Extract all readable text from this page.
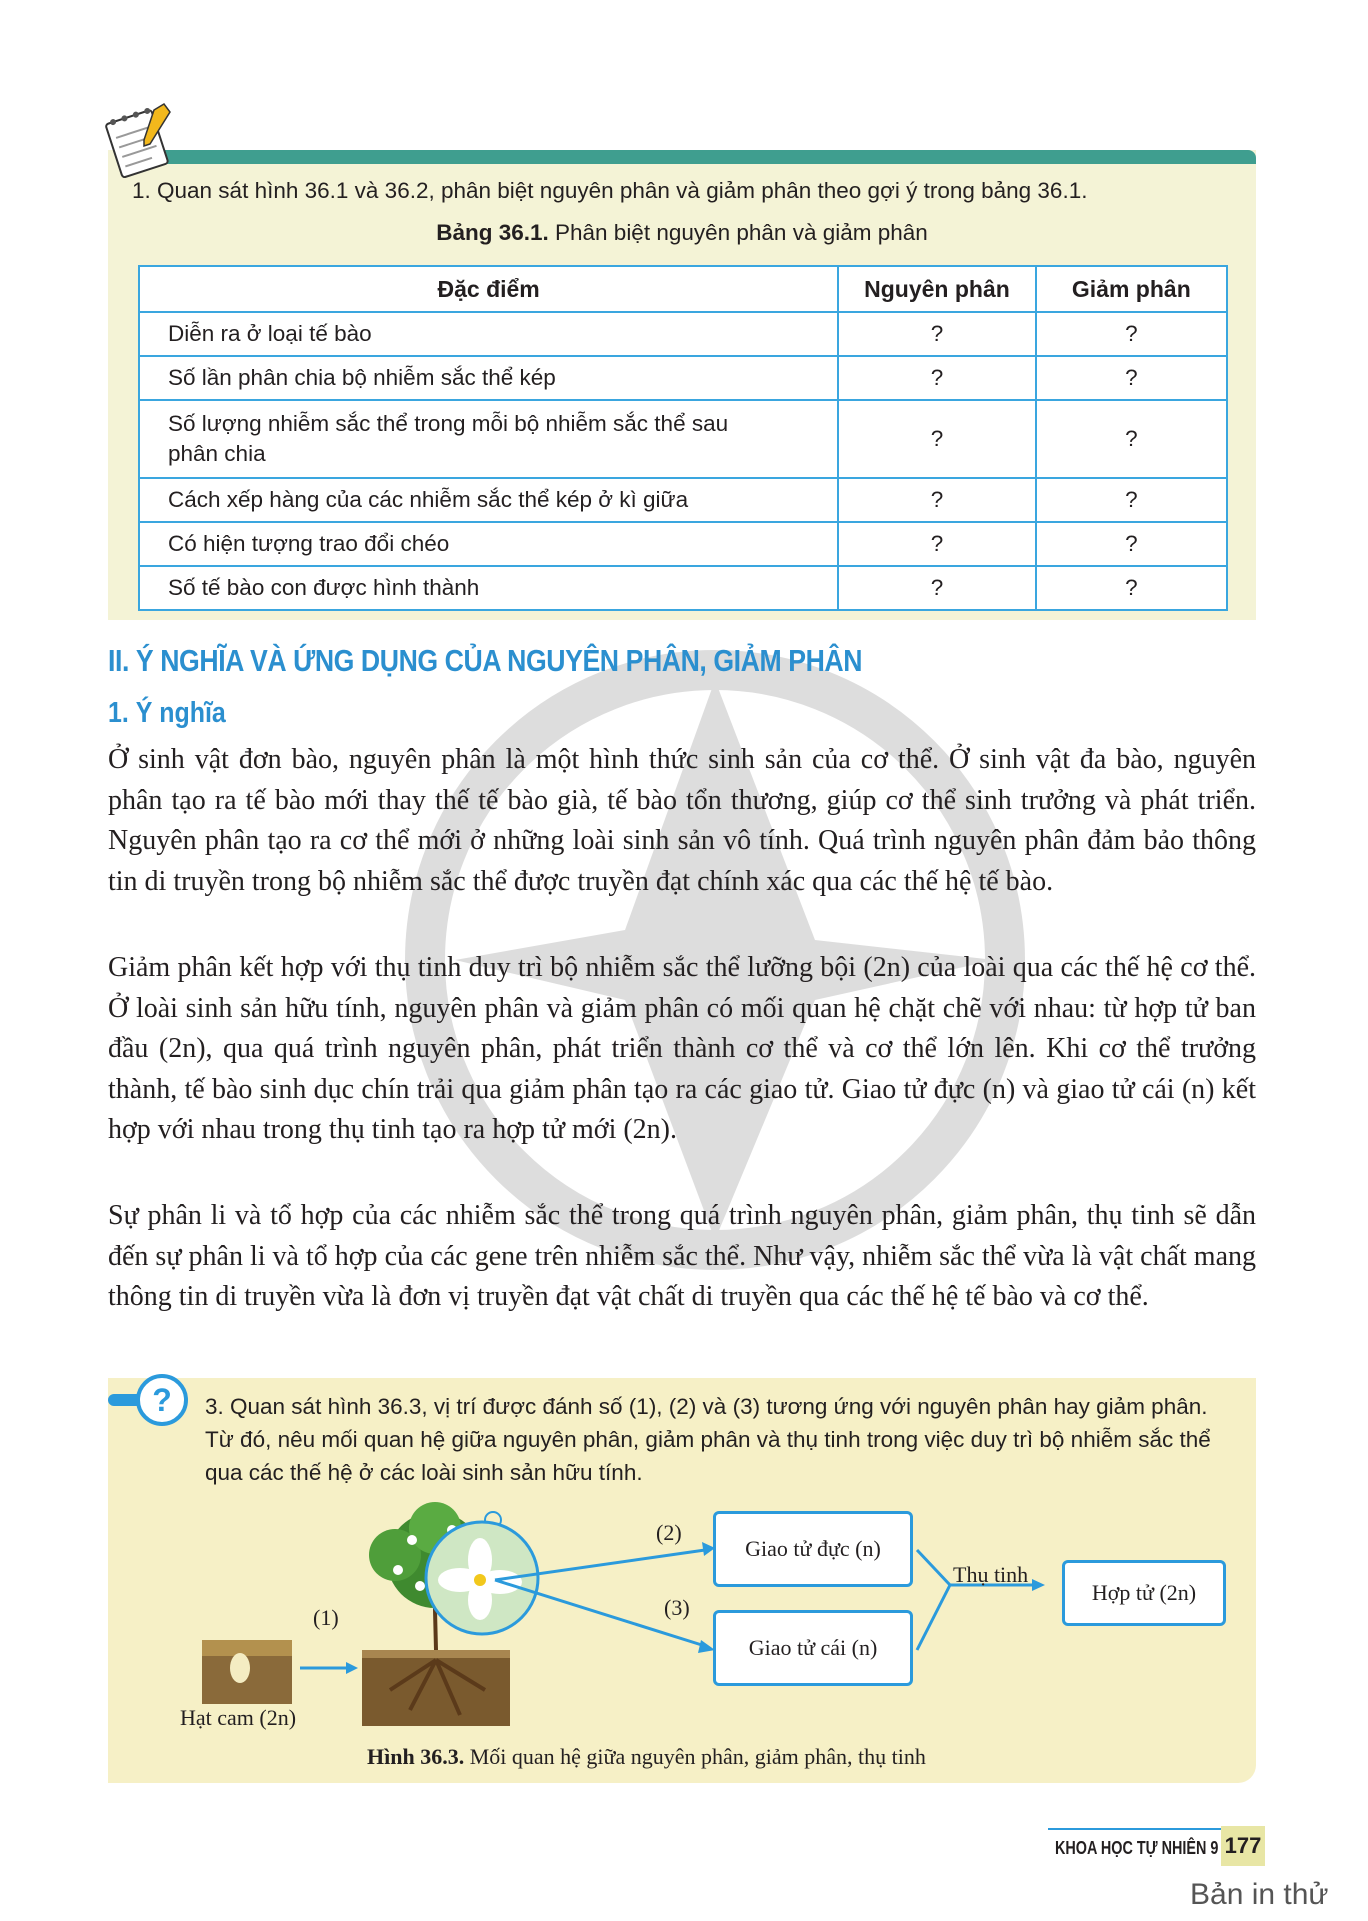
1. Quan sát hình 36.1 và 36.2, phân biệt nguyên phân và giảm phân theo gợi ý trong bảng 36.1.
Bảng 36.1. Phân biệt nguyên phân và giảm phân
Đặc điểm	Nguyên phân	Giảm phân
Diễn ra ở loại tế bào	?	?
Số lần phân chia bộ nhiễm sắc thể kép	?	?
Số lượng nhiễm sắc thể trong mỗi bộ nhiễm sắc thể sau phân chia	?	?
Cách xếp hàng của các nhiễm sắc thể kép ở kì giữa	?	?
Có hiện tượng trao đổi chéo	?	?
Số tế bào con được hình thành	?	?
II. Ý NGHĨA VÀ ỨNG DỤNG CỦA NGUYÊN PHÂN, GIẢM PHÂN
1. Ý nghĩa
Ở sinh vật đơn bào, nguyên phân là một hình thức sinh sản của cơ thể. Ở sinh vật đa bào, nguyên phân tạo ra tế bào mới thay thế tế bào già, tế bào tổn thương, giúp cơ thể sinh trưởng và phát triển. Nguyên phân tạo ra cơ thể mới ở những loài sinh sản vô tính. Quá trình nguyên phân đảm bảo thông tin di truyền trong bộ nhiễm sắc thể được truyền đạt chính xác qua các thế hệ tế bào.
Giảm phân kết hợp với thụ tinh duy trì bộ nhiễm sắc thể lưỡng bội (2n) của loài qua các thế hệ cơ thể. Ở loài sinh sản hữu tính, nguyên phân và giảm phân có mối quan hệ chặt chẽ với nhau: từ hợp tử ban đầu (2n), qua quá trình nguyên phân, phát triển thành cơ thể và cơ thể lớn lên. Khi cơ thể trưởng thành, tế bào sinh dục chín trải qua giảm phân tạo ra các giao tử. Giao tử đực (n) và giao tử cái (n) kết hợp với nhau trong thụ tinh tạo ra hợp tử mới (2n).
Sự phân li và tổ hợp của các nhiễm sắc thể trong quá trình nguyên phân, giảm phân, thụ tinh sẽ dẫn đến sự phân li và tổ hợp của các gene trên nhiễm sắc thể. Như vậy, nhiễm sắc thể vừa là vật chất mang thông tin di truyền vừa là đơn vị truyền đạt vật chất di truyền qua các thế hệ tế bào và cơ thể.
? 3. Quan sát hình 36.3, vị trí được đánh số (1), (2) và (3) tương ứng với nguyên phân hay giảm phân. Từ đó, nêu mối quan hệ giữa nguyên phân, giảm phân và thụ tinh trong việc duy trì bộ nhiễm sắc thể qua các thế hệ ở các loài sinh sản hữu tính.
(1)
(2)
(3)
Hạt cam (2n)
Giao tử đực (n)
Giao tử cái (n)
Thụ tinh
Hợp tử (2n)
Hình 36.3. Mối quan hệ giữa nguyên phân, giảm phân, thụ tinh
KHOA HỌC TỰ NHIÊN 9 177
Bản in thử
